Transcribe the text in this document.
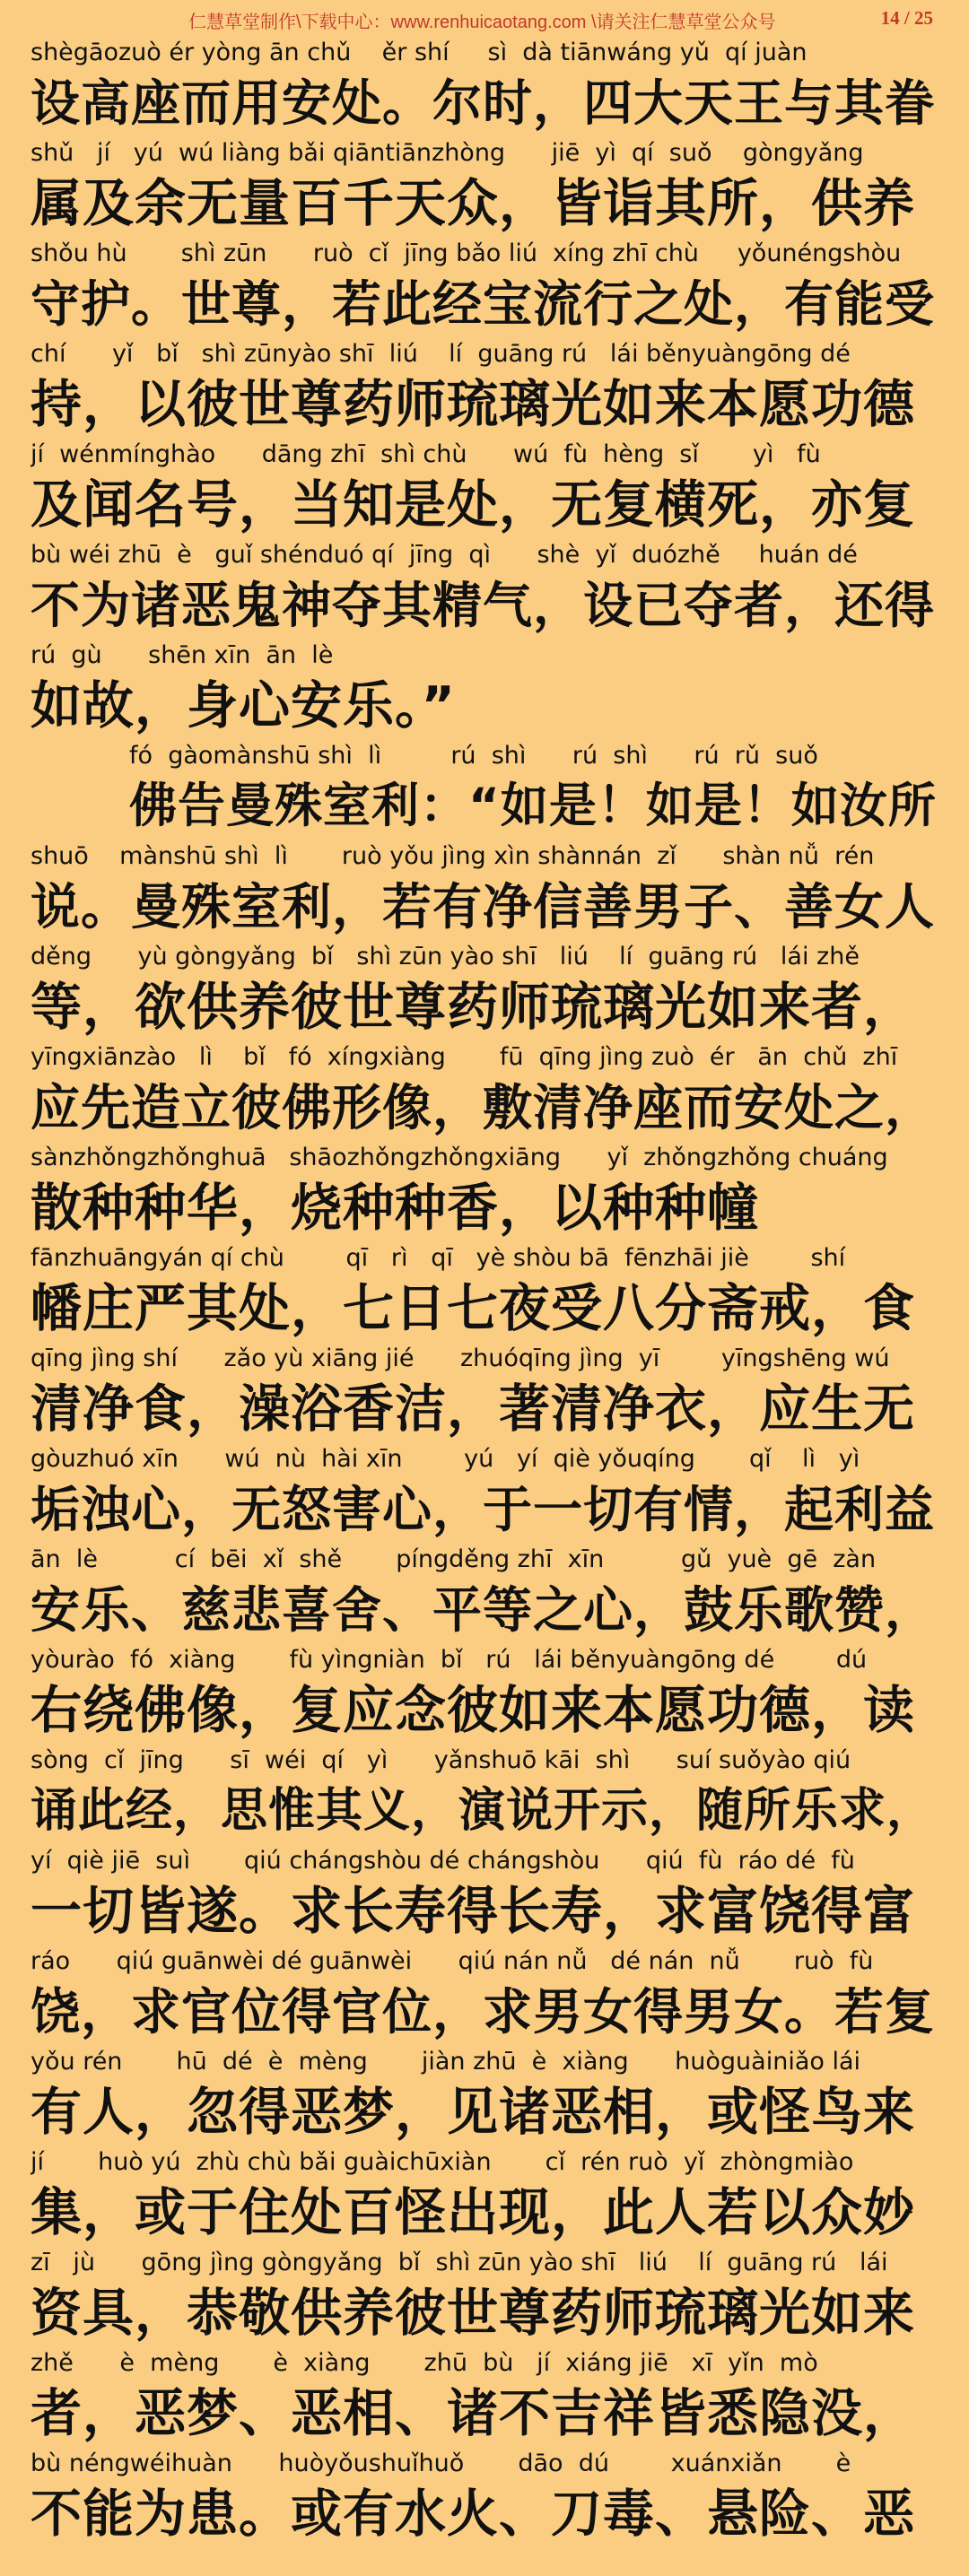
仁慧草堂制作\下载中心：www.renhuicaotang.com \请关注仁慧草堂公众号	14 / 25
shègāozuò ér yòng ān chǔ    ěr shí     sì  dà tiānwáng yǔ  qí juàn
设高座而用安处。尔时，四大天王与其眷
shǔ   jí   yú  wú liàng bǎi qiāntiānzhòng      jiē  yì  qí  suǒ    gòngyǎng
属及余无量百千天众，皆诣其所，供养
shǒu hù       shì zūn      ruò  cǐ  jīng bǎo liú  xíng zhī chù     yǒunéngshòu
守护。世尊，若此经宝流行之处，有能受
chí      yǐ   bǐ   shì zūnyào shī  liú    lí  guāng rú   lái běnyuàngōng dé
持，以彼世尊药师琉璃光如来本愿功德
jí  wénmínghào      dāng zhī  shì chù      wú  fù  hèng  sǐ       yì   fù
及闻名号，当知是处，无复横死，亦复
bù wéi zhū  è   guǐ shénduó qí  jīng  qì      shè  yǐ  duózhě     huán dé
不为诸恶鬼神夺其精气，设已夺者，还得
rú  gù      shēn xīn  ān  lè
如故，身心安乐。”
fó  gàomànshū shì  lì         rú  shì      rú  shì      rú  rǔ  suǒ
佛告曼殊室利：“如是！如是！如汝所
shuō    mànshū shì  lì       ruò yǒu jìng xìn shànnán  zǐ      shàn nǚ  rén
说。曼殊室利，若有净信善男子、善女人
děng      yù gòngyǎng  bǐ   shì zūn yào shī   liú    lí  guāng rú   lái zhě
等，欲供养彼世尊药师琉璃光如来者，
yīngxiānzào   lì    bǐ   fó  xíngxiàng       fū  qīng jìng zuò  ér   ān  chǔ  zhī
应先造立彼佛形像，敷清净座而安处之，
sànzhǒngzhǒnghuā   shāozhǒngzhǒngxiāng      yǐ  zhǒngzhǒng chuáng
散种种华，烧种种香，以种种幢
fānzhuāngyán qí chù        qī   rì   qī   yè shòu bā  fēnzhāi jiè        shí
幡庄严其处，七日七夜受八分斋戒，食
qīng jìng shí      zǎo yù xiāng jié      zhuóqīng jìng  yī        yīngshēng wú
清净食，澡浴香洁，著清净衣，应生无
gòuzhuó xīn      wú  nù  hài xīn        yú   yí  qiè yǒuqíng       qǐ    lì   yì
垢浊心，无怒害心，于一切有情，起利益
ān  lè          cí  bēi  xǐ  shě       píngděng zhī  xīn          gǔ  yuè  gē  zàn
安乐、慈悲喜舍、平等之心，鼓乐歌赞，
yòurào  fó  xiàng       fù yìngniàn  bǐ   rú   lái běnyuàngōng dé        dú
右绕佛像，复应念彼如来本愿功德，读
sòng  cǐ  jīng      sī  wéi  qí   yì      yǎnshuō kāi  shì      suí suǒyào qiú
诵此经，思惟其义，演说开示，随所乐求，
yí  qiè jiē  suì       qiú chángshòu dé chángshòu      qiú  fù  ráo dé  fù
一切皆遂。求长寿得长寿，求富饶得富
ráo      qiú guānwèi dé guānwèi      qiú nán nǚ   dé nán  nǚ       ruò  fù
饶，求官位得官位，求男女得男女。若复
yǒu rén       hū  dé  è  mèng       jiàn zhū  è  xiàng      huòguàiniǎo lái
有人，忽得恶梦，见诸恶相，或怪鸟来
jí       huò yú  zhù chù bǎi guàichūxiàn       cǐ  rén ruò  yǐ  zhòngmiào
集，或于住处百怪出现，此人若以众妙
zī   jù      gōng jìng gòngyǎng  bǐ  shì zūn yào shī   liú    lí  guāng rú   lái
资具，恭敬供养彼世尊药师琉璃光如来
zhě      è  mèng       è  xiàng       zhū  bù   jí  xiáng jiē   xī  yǐn  mò
者，恶梦、恶相、诸不吉祥皆悉隐没，
bù néngwéihuàn      huòyǒushuǐhuǒ       dāo  dú        xuánxiǎn       è
不能为患。或有水火、刀毒、悬险、恶
